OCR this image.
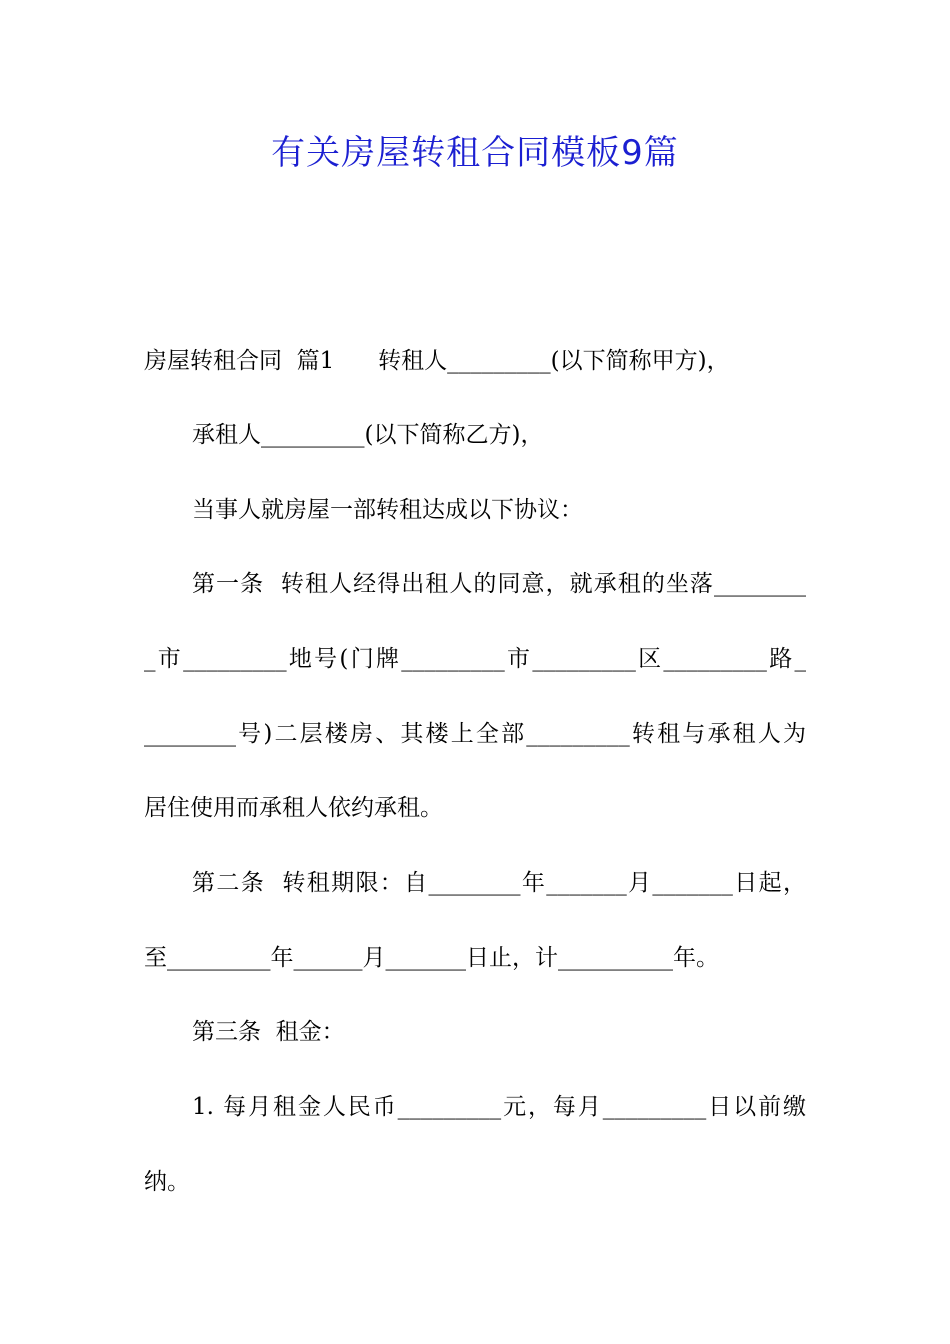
有关房屋转租合同模板9篇
房屋转租合同  篇1      转租人_________(以下简称甲方)，
承租人_________(以下简称乙方)，
当事人就房屋一部转租达成以下协议：
第一条  转租人经得出租人的同意，就承租的坐落________
_市_________地号(门牌_________市_________区_________路_
________号)二层楼房、其楼上全部_________转租与承租人为
居住使用而承租人依约承租。
第二条  转租期限：自________年_______月_______日起，
至_________年______月_______日止，计__________年。
第三条  租金：
1. 每月租金人民币_________元，每月_________日以前缴
纳。
